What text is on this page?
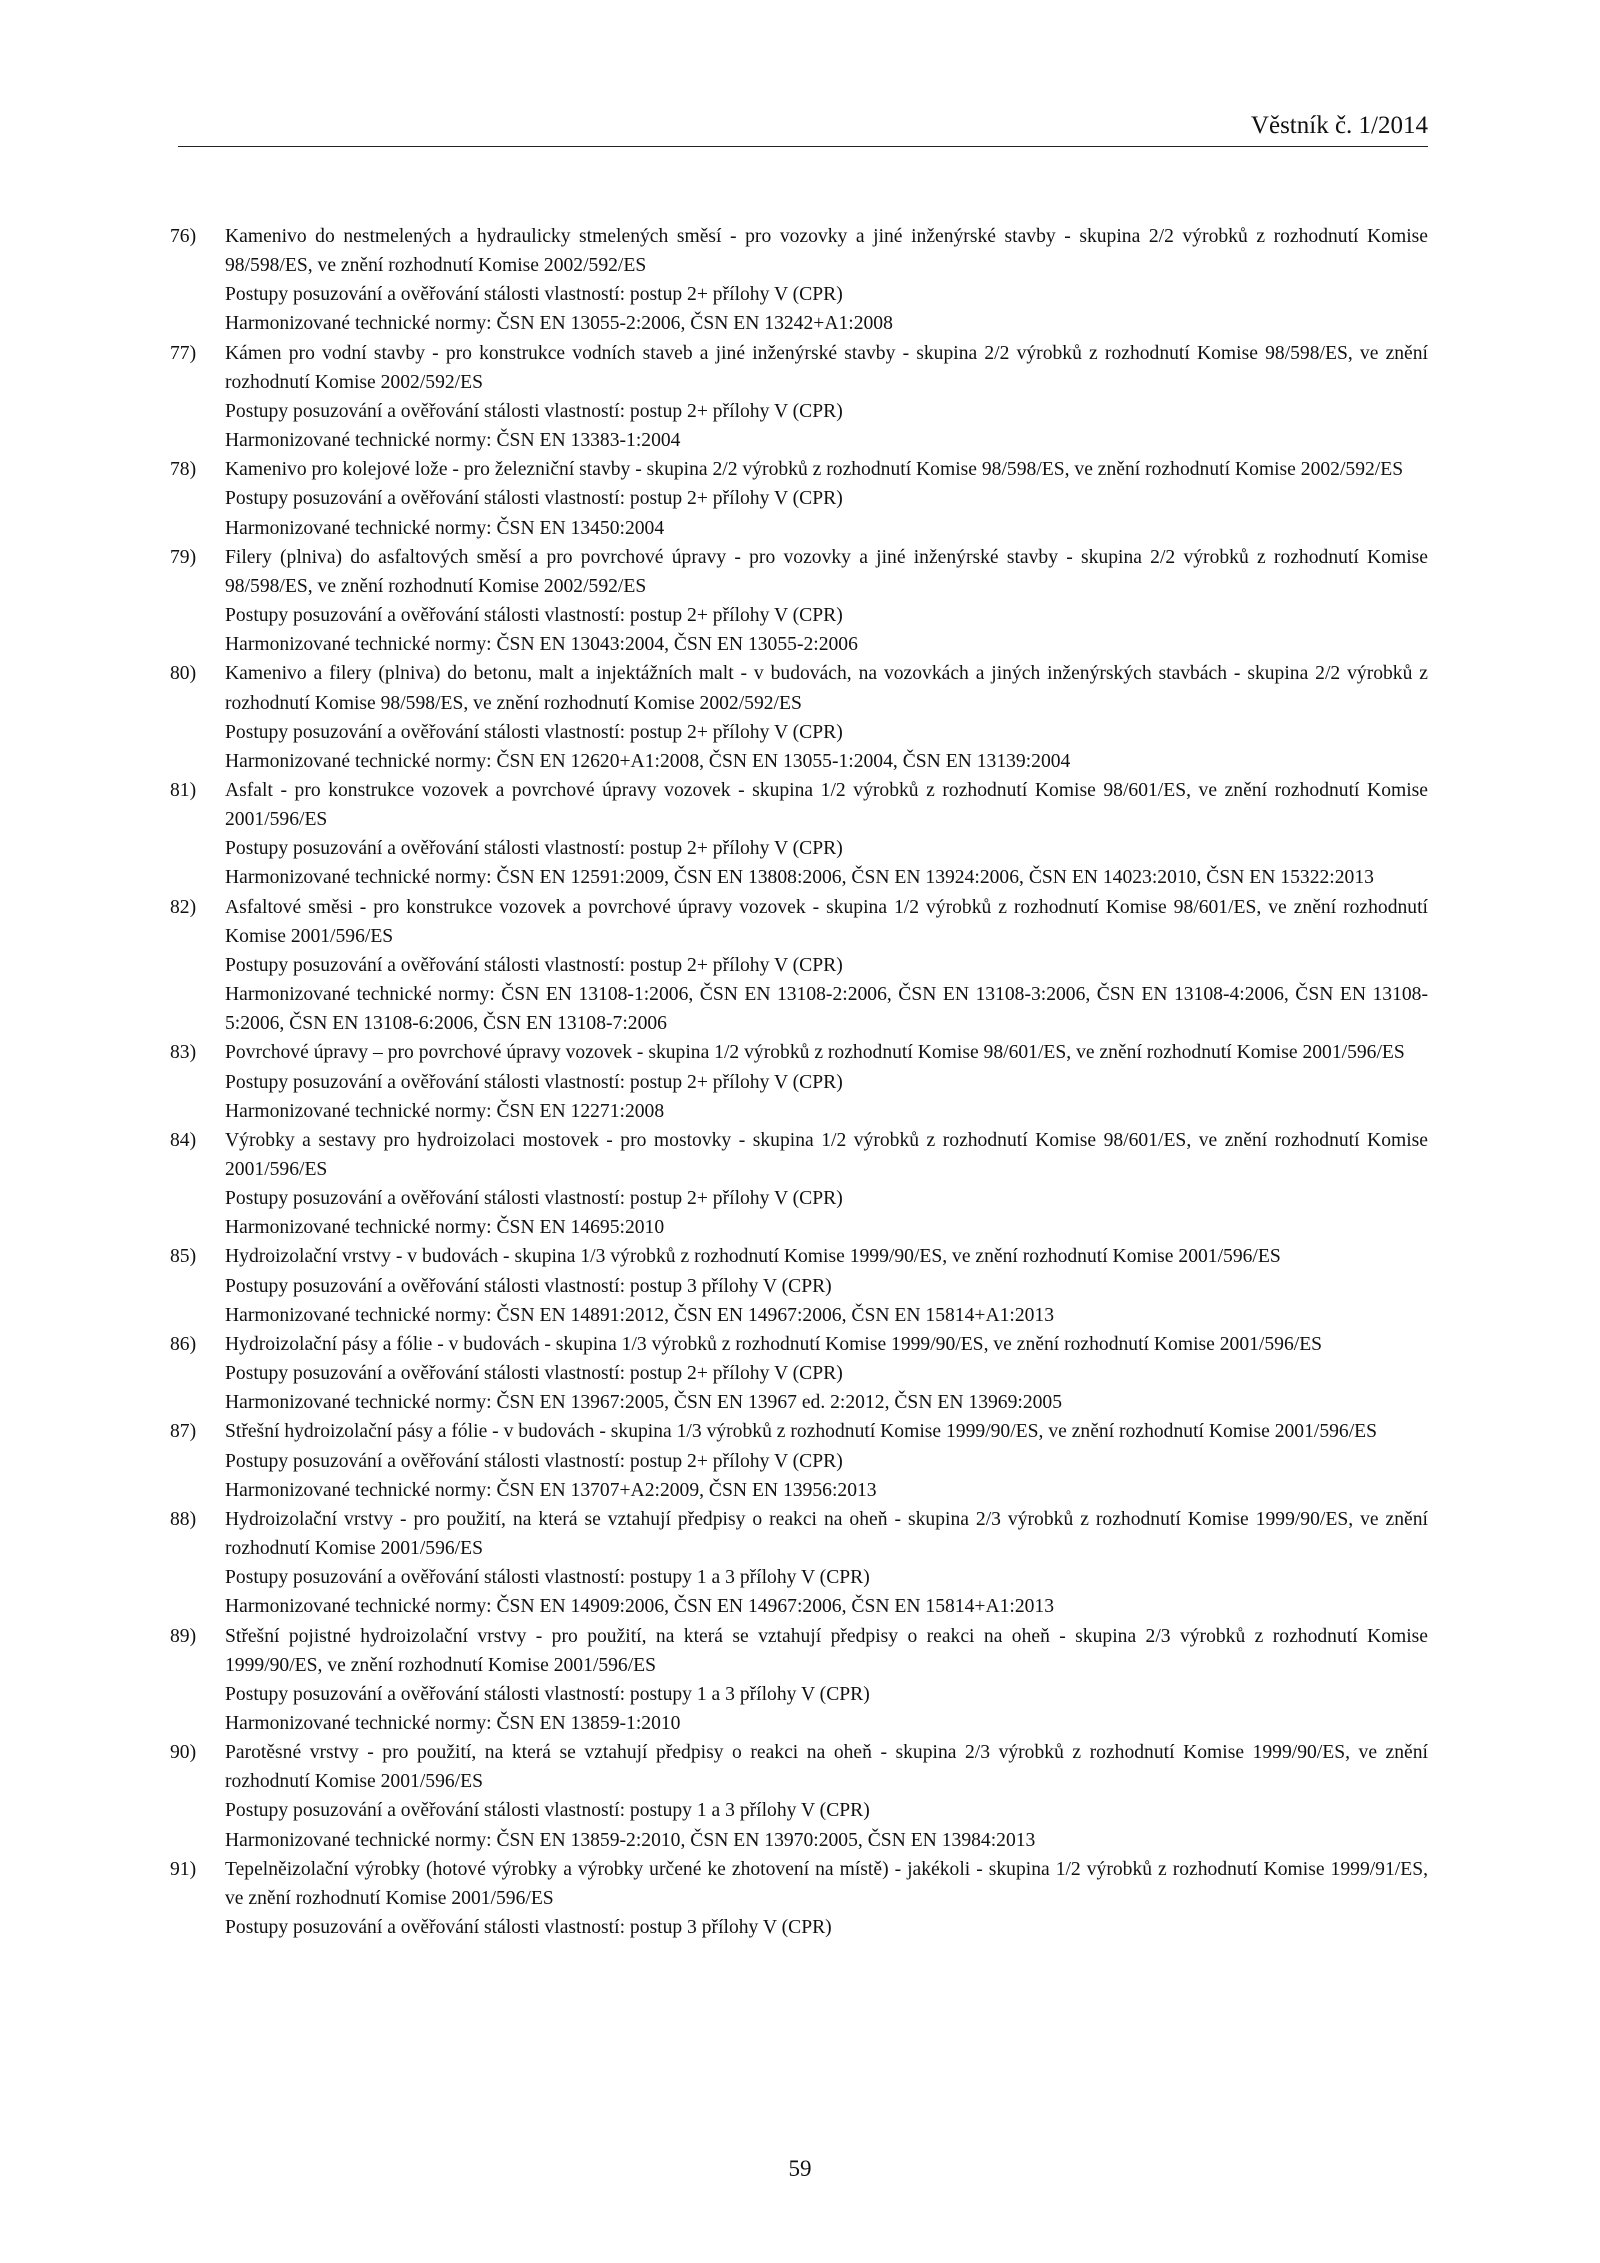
Věstník č. 1/2014
76) Kamenivo do nestmelených a hydraulicky stmelených směsí - pro vozovky a jiné inženýrské stavby - skupina 2/2 výrobků z rozhodnutí Komise 98/598/ES, ve znění rozhodnutí Komise 2002/592/ES

Postupy posuzování a ověřování stálosti vlastností: postup 2+ přílohy V (CPR)

Harmonizované technické normy: ČSN EN 13055-2:2006, ČSN EN 13242+A1:2008

77) Kámen pro vodní stavby - pro konstrukce vodních staveb a jiné inženýrské stavby - skupina 2/2 výrobků z rozhodnutí Komise 98/598/ES, ve znění rozhodnutí Komise 2002/592/ES

Postupy posuzování a ověřování stálosti vlastností: postup 2+ přílohy V (CPR)

Harmonizované technické normy: ČSN EN 13383-1:2004

78) Kamenivo pro kolejové lože - pro železniční stavby - skupina 2/2 výrobků z rozhodnutí Komise 98/598/ES, ve znění rozhodnutí Komise 2002/592/ES

Postupy posuzování a ověřování stálosti vlastností: postup 2+ přílohy V (CPR)

Harmonizované technické normy: ČSN EN 13450:2004

79) Filery (plniva) do asfaltových směsí a pro povrchové úpravy - pro vozovky a jiné inženýrské stavby - skupina 2/2 výrobků z rozhodnutí Komise 98/598/ES, ve znění rozhodnutí Komise 2002/592/ES

Postupy posuzování a ověřování stálosti vlastností: postup 2+ přílohy V (CPR)

Harmonizované technické normy: ČSN EN 13043:2004, ČSN EN 13055-2:2006

80) Kamenivo a filery (plniva) do betonu, malt a injektážních malt - v budovách, na vozovkách a jiných inženýrských stavbách - skupina 2/2 výrobků z rozhodnutí Komise 98/598/ES, ve znění rozhodnutí Komise 2002/592/ES

Postupy posuzování a ověřování stálosti vlastností: postup 2+ přílohy V (CPR)

Harmonizované technické normy: ČSN EN 12620+A1:2008, ČSN EN 13055-1:2004, ČSN EN 13139:2004

81) Asfalt - pro konstrukce vozovek a povrchové úpravy vozovek - skupina 1/2 výrobků z rozhodnutí Komise 98/601/ES, ve znění rozhodnutí Komise 2001/596/ES

Postupy posuzování a ověřování stálosti vlastností: postup 2+ přílohy V (CPR)

Harmonizované technické normy: ČSN EN 12591:2009, ČSN EN 13808:2006, ČSN EN 13924:2006, ČSN EN 14023:2010, ČSN EN 15322:2013

82) Asfaltové směsi - pro konstrukce vozovek a povrchové úpravy vozovek - skupina 1/2 výrobků z rozhodnutí Komise 98/601/ES, ve znění rozhodnutí Komise 2001/596/ES

Postupy posuzování a ověřování stálosti vlastností: postup 2+ přílohy V (CPR)

Harmonizované technické normy: ČSN EN 13108-1:2006, ČSN EN 13108-2:2006, ČSN EN 13108-3:2006, ČSN EN 13108-4:2006, ČSN EN 13108-5:2006, ČSN EN 13108-6:2006, ČSN EN 13108-7:2006

83) Povrchové úpravy – pro povrchové úpravy vozovek - skupina 1/2 výrobků z rozhodnutí Komise 98/601/ES, ve znění rozhodnutí Komise 2001/596/ES

Postupy posuzování a ověřování stálosti vlastností: postup 2+ přílohy V (CPR)

Harmonizované technické normy: ČSN EN 12271:2008

84) Výrobky a sestavy pro hydroizolaci mostovek - pro mostovky - skupina 1/2 výrobků z rozhodnutí Komise 98/601/ES, ve znění rozhodnutí Komise 2001/596/ES

Postupy posuzování a ověřování stálosti vlastností: postup 2+ přílohy V (CPR)

Harmonizované technické normy: ČSN EN 14695:2010

85) Hydroizolační vrstvy - v budovách - skupina 1/3 výrobků z rozhodnutí Komise 1999/90/ES, ve znění rozhodnutí Komise 2001/596/ES

Postupy posuzování a ověřování stálosti vlastností: postup 3 přílohy V (CPR)

Harmonizované technické normy: ČSN EN 14891:2012, ČSN EN 14967:2006, ČSN EN 15814+A1:2013

86) Hydroizolační pásy a fólie - v budovách - skupina 1/3 výrobků z rozhodnutí Komise 1999/90/ES, ve znění rozhodnutí Komise 2001/596/ES

Postupy posuzování a ověřování stálosti vlastností: postup 2+ přílohy V (CPR)

Harmonizované technické normy: ČSN EN 13967:2005, ČSN EN 13967 ed. 2:2012, ČSN EN 13969:2005

87) Střešní hydroizolační pásy a fólie - v budovách - skupina 1/3 výrobků z rozhodnutí Komise 1999/90/ES, ve znění rozhodnutí Komise 2001/596/ES

Postupy posuzování a ověřování stálosti vlastností: postup 2+ přílohy V (CPR)

Harmonizované technické normy: ČSN EN 13707+A2:2009, ČSN EN 13956:2013

88) Hydroizolační vrstvy - pro použití, na která se vztahují předpisy o reakci na oheň - skupina 2/3 výrobků z rozhodnutí Komise 1999/90/ES, ve znění rozhodnutí Komise 2001/596/ES

Postupy posuzování a ověřování stálosti vlastností: postupy 1 a 3 přílohy V (CPR)

Harmonizované technické normy: ČSN EN 14909:2006, ČSN EN 14967:2006, ČSN EN 15814+A1:2013

89) Střešní pojistné hydroizolační vrstvy - pro použití, na která se vztahují předpisy o reakci na oheň - skupina 2/3 výrobků z rozhodnutí Komise 1999/90/ES, ve znění rozhodnutí Komise 2001/596/ES

Postupy posuzování a ověřování stálosti vlastností: postupy 1 a 3 přílohy V (CPR)

Harmonizované technické normy: ČSN EN 13859-1:2010

90) Parotěsné vrstvy - pro použití, na která se vztahují předpisy o reakci na oheň - skupina 2/3 výrobků z rozhodnutí Komise 1999/90/ES, ve znění rozhodnutí Komise 2001/596/ES

Postupy posuzování a ověřování stálosti vlastností: postupy 1 a 3 přílohy V (CPR)

Harmonizované technické normy: ČSN EN 13859-2:2010, ČSN EN 13970:2005, ČSN EN 13984:2013

91) Tepelněizolační výrobky (hotové výrobky a výrobky určené ke zhotovení na místě) - jakékoli - skupina 1/2 výrobků z rozhodnutí Komise 1999/91/ES, ve znění rozhodnutí Komise 2001/596/ES

Postupy posuzování a ověřování stálosti vlastností: postup 3 přílohy V (CPR)

59
